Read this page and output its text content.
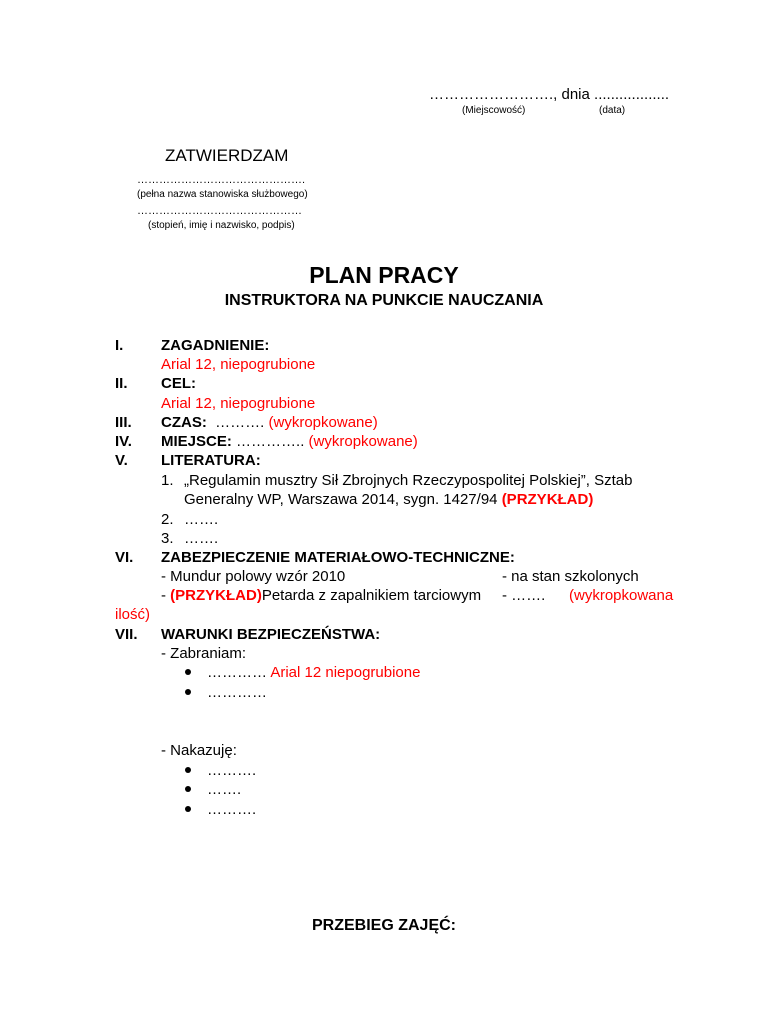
……………………., dnia ..................
(Miejscowość)	(data)
ZATWIERDZAM
……………………………………….
(pełna nazwa stanowiska służbowego)
………………………………………
(stopień, imię i nazwisko, podpis)
PLAN PRACY
INSTRUKTORA NA PUNKCIE NAUCZANIA
I.	ZAGADNIENIE:
Arial 12, niepogrubione
II. CEL:
Arial 12, niepogrubione
III. CZAS: ………. (wykropkowane)
IV. MIEJSCE: ………….. (wykropkowane)
V. LITERATURA:
1. „Regulamin musztry Sił Zbrojnych Rzeczypospolitej Polskiej”, Sztab
Generalny WP, Warszawa 2014, sygn. 1427/94 (PRZYKŁAD)
2. …….
3. …….
VI. ZABEZPIECZENIE MATERIAŁOWO-TECHNICZNE:
- Mundur polowy wzór 2010	- na stan szkolonych
- (PRZYKŁAD)Petarda z zapalnikiem tarciowym - ……. (wykropkowana
ilość)
VII. WARUNKI BEZPIECZEŃSTWA:
- Zabraniam:
………… Arial 12 niepogrubione
…………
- Nakazuję:
……….
…….
……….
PRZEBIEG ZAJĘĆ:
